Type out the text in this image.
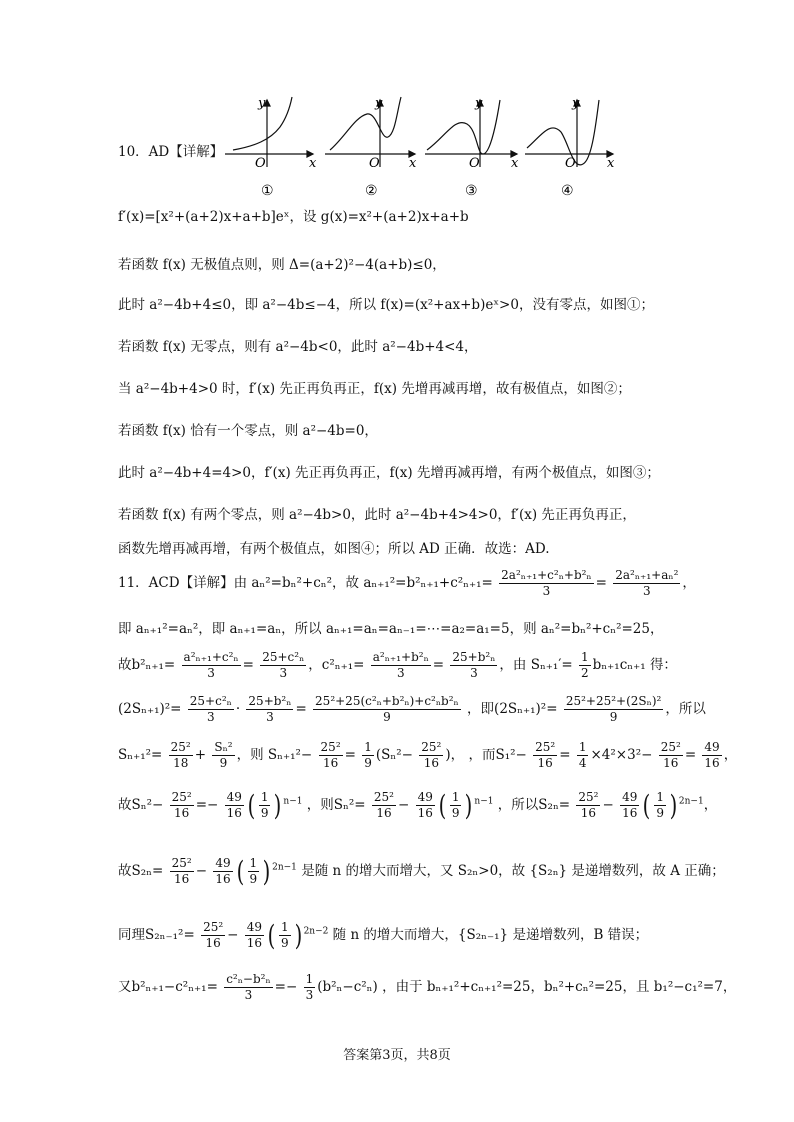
10．AD【详解】
y
O	x
①
y
O x
②
y
O x
③
y
O x
④
f′(x)=[x²+(a+2)x+a+b]eˣ，设 g(x)=x²+(a+2)x+a+b
若函数 f(x) 无极值点则，则 Δ=(a+2)²−4(a+b)≤0，
此时 a²−4b+4≤0，即 a²−4b≤−4，所以 f(x)=(x²+ax+b)eˣ>0，没有零点，如图①；
若函数 f(x) 无零点，则有 a²−4b<0，此时 a²−4b+4<4，
当 a²−4b+4>0 时，f′(x) 先正再负再正，f(x) 先增再减再增，故有极值点，如图②；
若函数 f(x) 恰有一个零点，则 a²−4b=0，
此时 a²−4b+4=4>0，f′(x) 先正再负再正，f(x) 先增再减再增，有两个极值点，如图③；
若函数 f(x) 有两个零点，则 a²−4b>0，此时 a²−4b+4>4>0，f′(x) 先正再负再正，
函数先增再减再增，有两个极值点，如图④；所以 AD 正确．故选：AD.
11．ACD【详解】由 aₙ²=bₙ²+cₙ²，故 $a_{n+1}^2=b^2_{n+1}+c^2_{n+1}= \frac{\text{2a²ₙ₊₁+c²ₙ+b²ₙ}}{3} = \frac{\text{2a²ₙ₊₁+aₙ²}}{3}$ ，
即 aₙ₊₁²=aₙ²，即 aₙ₊₁=aₙ，所以 aₙ₊₁=aₙ=aₙ₋₁=⋯=a₂=a₁=5，则 aₙ²=bₙ²+cₙ²=25，
故$b^2_{n+1}= \frac{\text{a²ₙ₊₁+c²ₙ}}{3} = \frac{\text{25+c²ₙ}}{3}$ ，$c^2_{n+1}= \frac{\text{a²ₙ₊₁+b²ₙ}}{3} = \frac{\text{25+b²ₙ}}{3}$ ，由 $S_{n+1}'= \frac{1}{2} b_{n+1}c_{n+1}$ 得：
$(2S_{n+1})^2= \frac{\text{25+c²ₙ}}{3} \cdot \frac{\text{25+b²ₙ}}{3} = \frac{\text{25²+25(c²ₙ+b²ₙ)+c²ₙb²ₙ}}{9}$ ，即$(2S_{n+1})^2= \frac{\text{25²+25²+(2Sₙ)²}}{9}$ ，所以
$S_{n+1}^2= \frac{\text{25²}}{18} + \frac{\text{Sₙ²}}{9}$ ，则 $S_{n+1}^2- \frac{\text{25²}}{16} = \frac{1}{9} (S_n^2- \frac{\text{25²}}{16}$ )， ，而$S_1^2- \frac{\text{25²}}{16} = \frac{1}{4} \times 4^2\times 3^2- \frac{\text{25²}}{16} = \frac{49}{16}$ ，
故$S_n^2- \frac{\text{25²}}{16} =- \frac{49}{16}$ ( $\frac{1}{9}$ ) $^{n-1}$ ，则$S_n^2= \frac{\text{25²}}{16} - \frac{49}{16}$ ( $\frac{1}{9}$ ) $^{n-1}$ ，所以$S_{2n}= \frac{\text{25²}}{16} - \frac{49}{16}$ ( $\frac{1}{9}$ ) $^{2n-1}$，
故$S_{2n}= \frac{\text{25²}}{16} - \frac{49}{16}$ ( $\frac{1}{9}$ ) $^{2n-1}$ 是随 n 的增大而增大，又 S₂ₙ>0，故 {S₂ₙ} 是递增数列，故 A 正确；
同理$S_{2n-1}^2= \frac{\text{25²}}{16} - \frac{49}{16}$ ( $\frac{1}{9}$ ) $^{2n-2}$ 随 n 的增大而增大，{S₂ₙ₋₁} 是递增数列，B 错误；
又$b^2_{n+1}-c^2_{n+1}= \frac{\text{c²ₙ−b²ₙ}}{3} =- \frac{1}{3} (b^2_n-c^2_n)$ ，由于 bₙ₊₁²+cₙ₊₁²=25，bₙ²+cₙ²=25，且 b₁²−c₁²=7，
答案第3页，共8页
